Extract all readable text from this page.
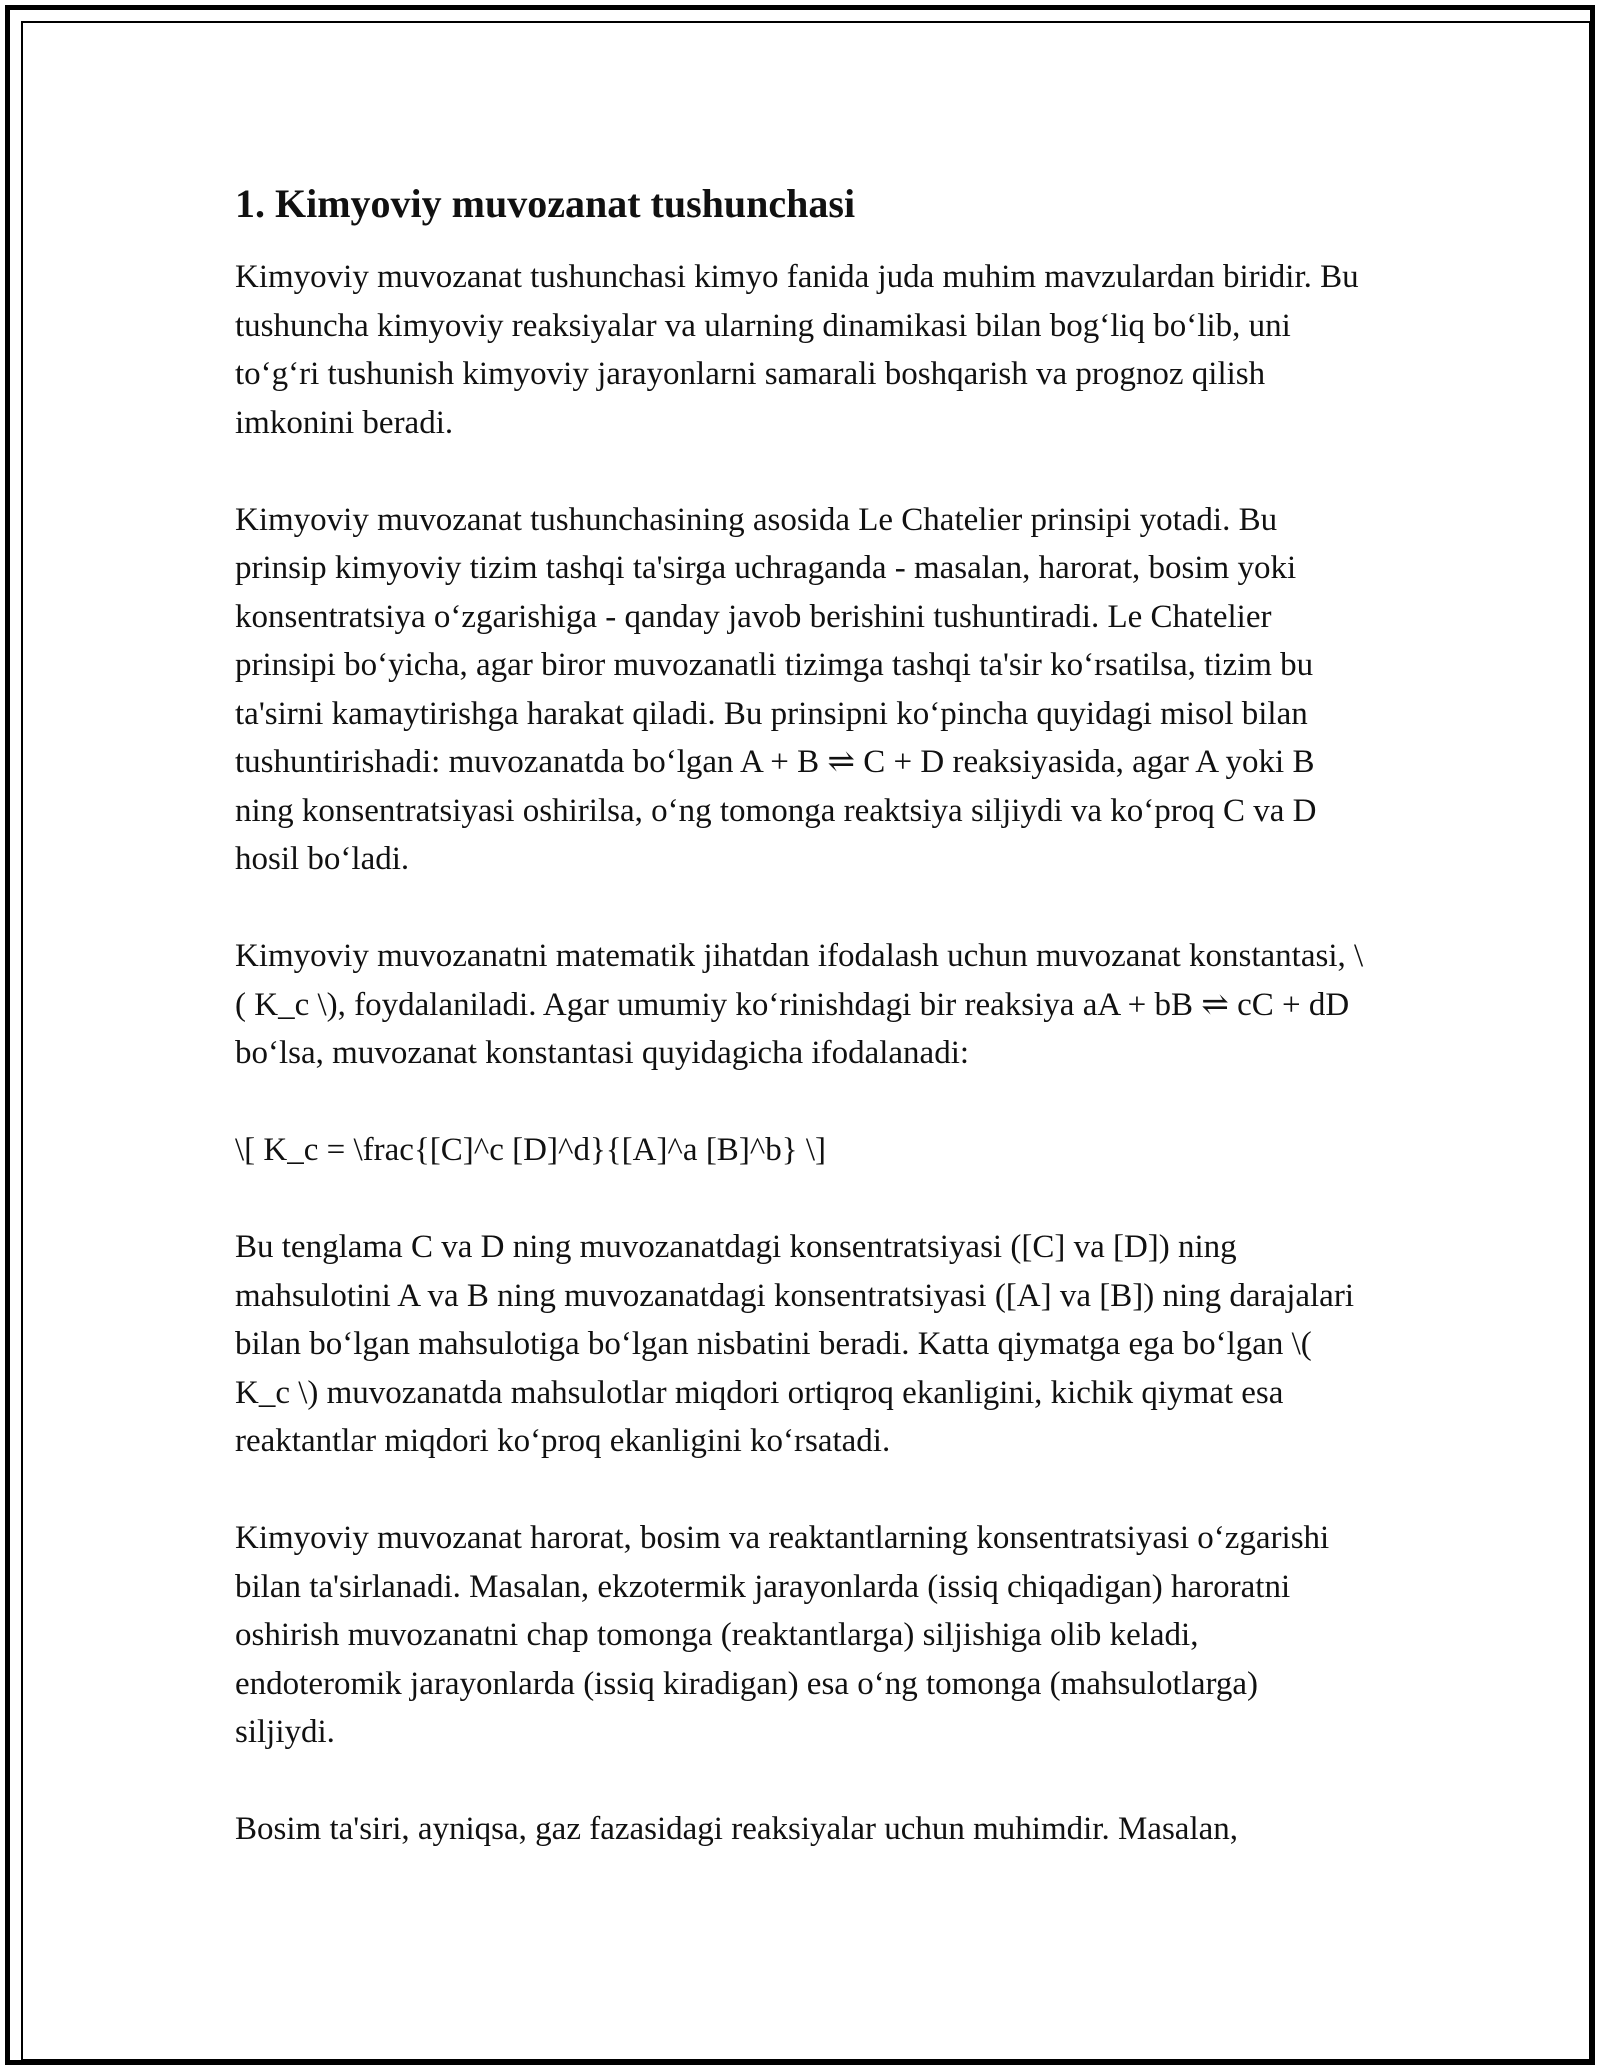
1. Kimyoviy muvozanat tushunchasi

Kimyoviy muvozanat tushunchasi kimyo fanida juda muhim mavzulardan biridir. Bu tushuncha kimyoviy reaksiyalar va ularning dinamikasi bilan bog‘liq bo‘lib, uni to‘g‘ri tushunish kimyoviy jarayonlarni samarali boshqarish va prognoz qilish imkonini beradi.

Kimyoviy muvozanat tushunchasining asosida Le Chatelier prinsipi yotadi. Bu prinsip kimyoviy tizim tashqi ta'sirga uchraganda - masalan, harorat, bosim yoki konsentratsiya o‘zgarishiga - qanday javob berishini tushuntiradi. Le Chatelier prinsipi bo‘yicha, agar biror muvozanatli tizimga tashqi ta'sir ko‘rsatilsa, tizim bu ta'sirni kamaytirishga harakat qiladi. Bu prinsipni ko‘pincha quyidagi misol bilan tushuntirishadi: muvozanatda bo‘lgan A + B ⇌ C + D reaksiyasida, agar A yoki B ning konsentratsiyasi oshirilsa, o‘ng tomonga reaktsiya siljiydi va ko‘proq C va D hosil bo‘ladi.

Kimyoviy muvozanatni matematik jihatdan ifodalash uchun muvozanat konstantasi, \( K_c \), foydalaniladi. Agar umumiy ko‘rinishdagi bir reaksiya aA + bB ⇌ cC + dD bo‘lsa, muvozanat konstantasi quyidagicha ifodalanadi:

\[ K_c = \frac{[C]^c [D]^d}{[A]^a [B]^b} \]

Bu tenglama C va D ning muvozanatdagi konsentratsiyasi ([C] va [D]) ning mahsulotini A va B ning muvozanatdagi konsentratsiyasi ([A] va [B]) ning darajalari bilan bo‘lgan mahsulotiga bo‘lgan nisbatini beradi. Katta qiymatga ega bo‘lgan \( K_c \) muvozanatda mahsulotlar miqdori ortiqroq ekanligini, kichik qiymat esa reaktantlar miqdori ko‘proq ekanligini ko‘rsatadi.

Kimyoviy muvozanat harorat, bosim va reaktantlarning konsentratsiyasi o‘zgarishi bilan ta'sirlanadi. Masalan, ekzotermik jarayonlarda (issiq chiqadigan) haroratni oshirish muvozanatni chap tomonga (reaktantlarga) siljishiga olib keladi, endoteromik jarayonlarda (issiq kiradigan) esa o‘ng tomonga (mahsulotlarga) siljiydi.

Bosim ta'siri, ayniqsa, gaz fazasidagi reaksiyalar uchun muhimdir. Masalan,
